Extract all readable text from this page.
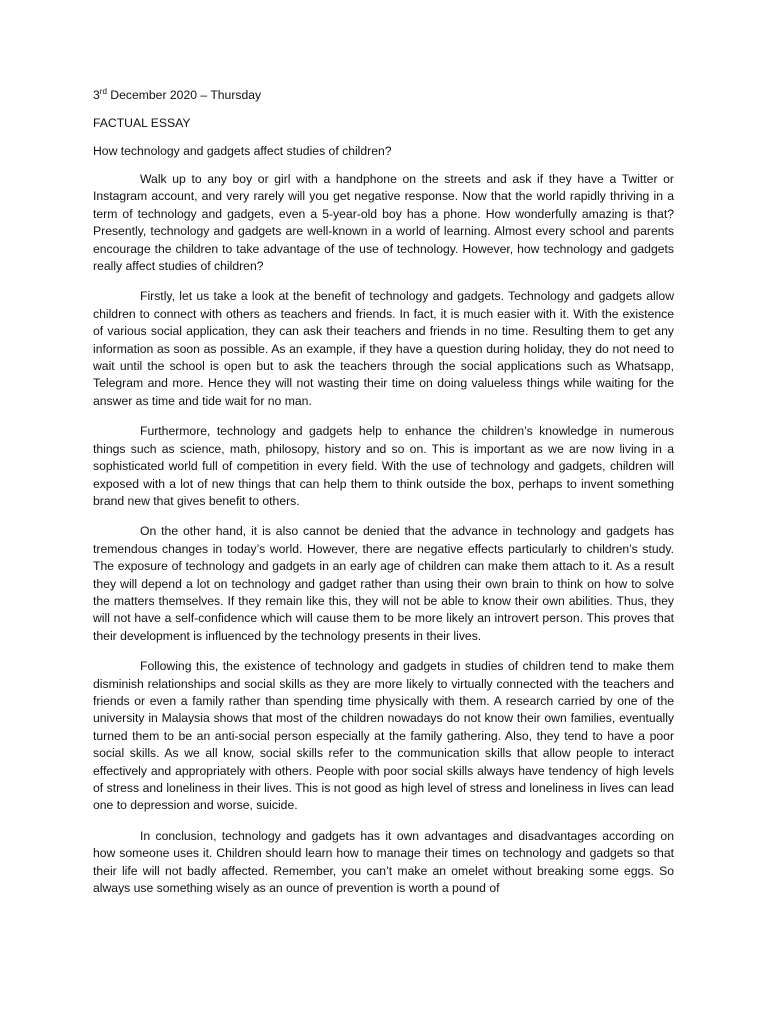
3rd December 2020 – Thursday

FACTUAL ESSAY

How technology and gadgets affect studies of children?

Walk up to any boy or girl with a handphone on the streets and ask if they have a Twitter or Instagram account, and very rarely will you get negative response. Now that the world rapidly thriving in a term of technology and gadgets, even a 5-year-old boy has a phone. How wonderfully amazing is that? Presently, technology and gadgets are well-known in a world of learning. Almost every school and parents encourage the children to take advantage of the use of technology. However, how technology and gadgets really affect studies of children?

Firstly, let us take a look at the benefit of technology and gadgets. Technology and gadgets allow children to connect with others as teachers and friends. In fact, it is much easier with it. With the existence of various social application, they can ask their teachers and friends in no time. Resulting them to get any information as soon as possible. As an example, if they have a question during holiday, they do not need to wait until the school is open but to ask the teachers through the social applications such as Whatsapp, Telegram and more. Hence they will not wasting their time on doing valueless things while waiting for the answer as time and tide wait for no man.

Furthermore, technology and gadgets help to enhance the children’s knowledge in numerous things such as science, math, philosopy, history and so on. This is important as we are now living in a sophisticated world full of competition in every field. With the use of technology and gadgets, children will exposed with a lot of new things that can help them to think outside the box, perhaps to invent something brand new that gives benefit to others.

On the other hand, it is also cannot be denied that the advance in technology and gadgets has tremendous changes in today’s world. However, there are negative effects particularly to children’s study. The exposure of technology and gadgets in an early age of children can make them attach to it. As a result they will depend a lot on technology and gadget rather than using their own brain to think on how to solve the matters themselves. If they remain like this, they will not be able to know their own abilities. Thus, they will not have a self-confidence which will cause them to be more likely an introvert person. This proves that their development is influenced by the technology presents in their lives.

Following this, the existence of technology and gadgets in studies of children tend to make them disminish relationships and social skills as they are more likely to virtually connected with the teachers and friends or even a family rather than spending time physically with them. A research carried by one of the university in Malaysia shows that most of the children nowadays do not know their own families, eventually turned them to be an anti-social person especially at the family gathering. Also, they tend to have a poor social skills. As we all know, social skills refer to the communication skills that allow people to interact effectively and appropriately with others. People with poor social skills always have tendency of high levels of stress and loneliness in their lives. This is not good as high level of stress and loneliness in lives can lead one to depression and worse, suicide.

In conclusion, technology and gadgets has it own advantages and disadvantages according on how someone uses it. Children should learn how to manage their times on technology and gadgets so that their life will not badly affected. Remember, you can’t make an omelet without breaking some eggs. So always use something wisely as an ounce of prevention is worth a pound of
